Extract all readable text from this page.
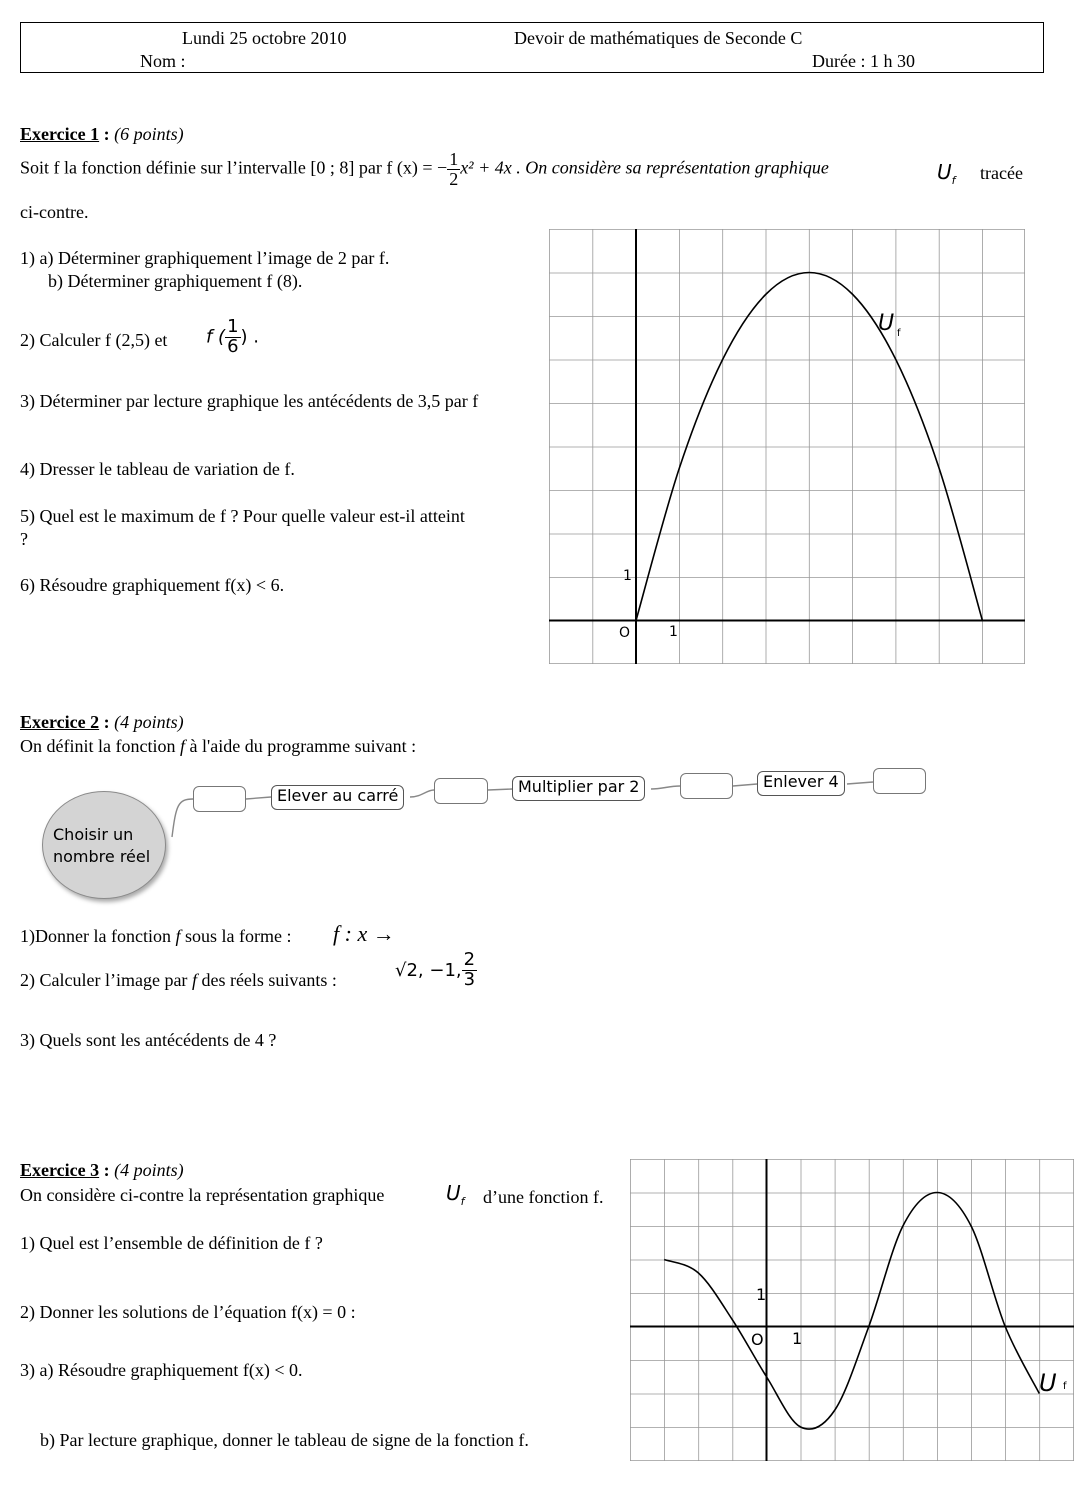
Lundi 25 octobre 2010	Devoir de mathématiques de Seconde C
Nom :	Durée : 1 h 30
Exercice 1 : (6 points)
Soit f la fonction définie sur l’intervalle [0 ; 8] par f (x) = − $\frac{1}{2} x^2 + 4x$ . On considère sa représentation graphique	$U_f$ tracée
ci-contre.
1) a) Déterminer graphiquement l’image de 2 par f.
b) Déterminer graphiquement f (8).
2) Calculer f (2,5) et f ( $\frac{1}{6}$ ) .
3) Déterminer par lecture graphique les antécédents de 3,5 par f
4) Dresser le tableau de variation de f.
5) Quel est le maximum de f ? Pour quelle valeur est-il atteint ?
6) Résoudre graphiquement f(x) < 6.
O	1
1
U f
Exercice 2 : (4 points)
On définit la fonction f à l'aide du programme suivant :
Choisir un nombre réel
Elever au carré	Multiplier par 2	Enlever 4
1)Donner la fonction f sous la forme : f : x →
2) Calculer l’image par f des réels suivants :	√2, −1, $\frac{2}{3}$
3) Quels sont les antécédents de 4 ?
Exercice 3 : (4 points)
On considère ci-contre la représentation graphique	$U_f$	d’une fonction f.
1) Quel est l’ensemble de définition de f ?
2) Donner les solutions de l’équation f(x) = 0 :
3) a) Résoudre graphiquement f(x) < 0.
b) Par lecture graphique, donner le tableau de signe de la fonction f.
O 1
1
U f
